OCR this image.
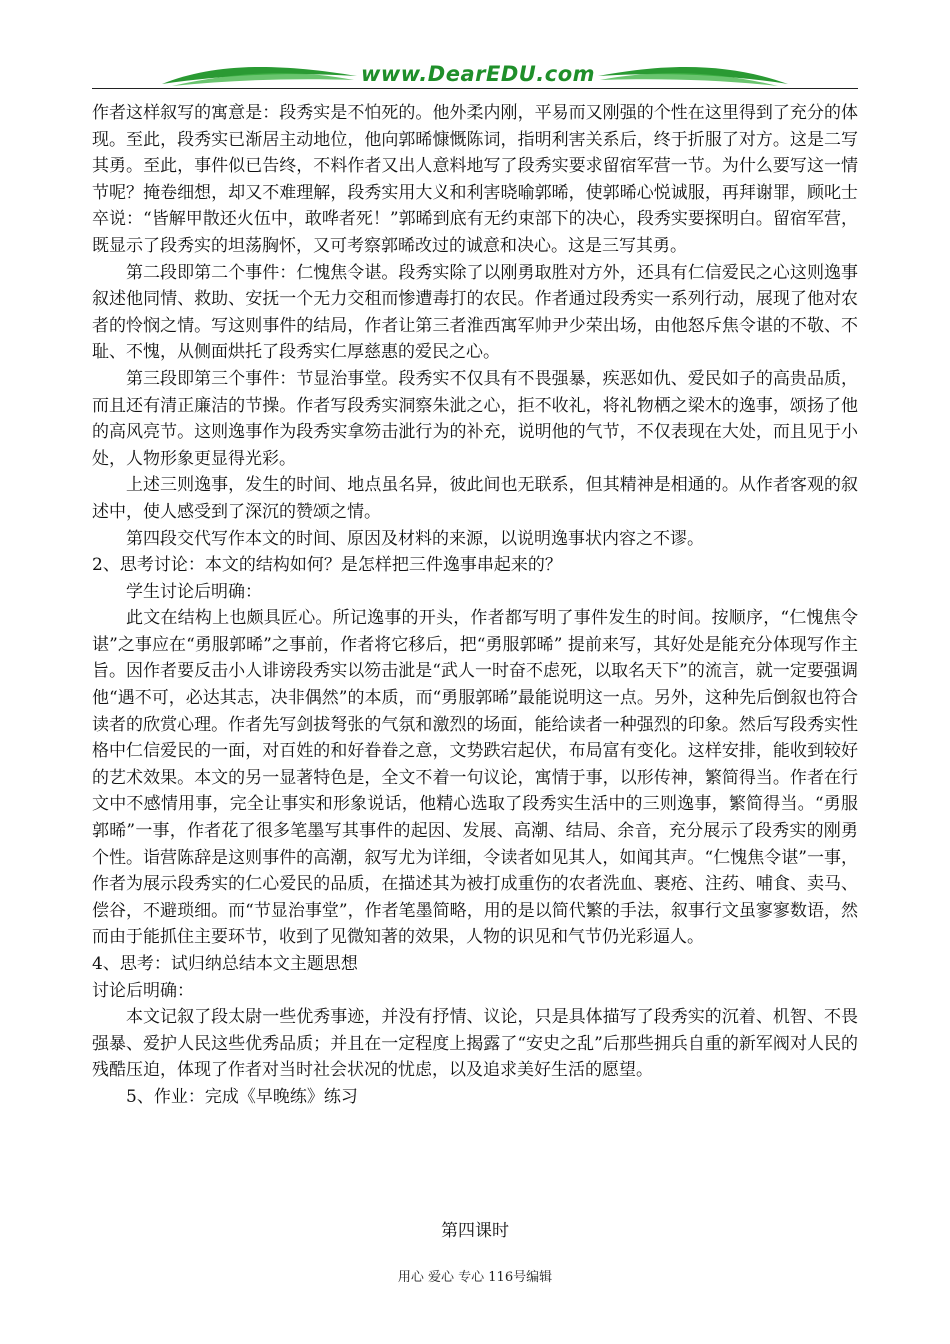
www.DearEDU.com

作者这样叙写的寓意是：段秀实是不怕死的。他外柔内刚，平易而又刚强的个性在这里得到了充分的体现。至此，段秀实已渐居主动地位，他向郭晞慷慨陈词，指明利害关系后，终于折服了对方。这是二写其勇。至此，事件似已告终，不料作者又出人意料地写了段秀实要求留宿军营一节。为什么要写这一情节呢？掩卷细想，却又不难理解，段秀实用大义和利害晓喻郭晞，使郭晞心悦诚服，再拜谢罪，顾叱士卒说：“皆解甲散还火伍中，敢哗者死！”郭晞到底有无约束部下的决心，段秀实要探明白。留宿军营，既显示了段秀实的坦荡胸怀，又可考察郭晞改过的诚意和决心。这是三写其勇。

第二段即第二个事件：仁愧焦令谌。段秀实除了以刚勇取胜对方外，还具有仁信爱民之心这则逸事叙述他同情、救助、安抚一个无力交租而惨遭毒打的农民。作者通过段秀实一系列行动，展现了他对农者的怜悯之情。写这则事件的结局，作者让第三者淮西寓军帅尹少荣出场，由他怒斥焦令谌的不敬、不耻、不愧，从侧面烘托了段秀实仁厚慈惠的爱民之心。

第三段即第三个事件：节显治事堂。段秀实不仅具有不畏强暴，疾恶如仇、爱民如子的高贵品质，而且还有清正廉洁的节操。作者写段秀实洞察朱泚之心，拒不收礼，将礼物栖之梁木的逸事，颂扬了他的高风亮节。这则逸事作为段秀实拿笏击泚行为的补充，说明他的气节，不仅表现在大处，而且见于小处，人物形象更显得光彩。

上述三则逸事，发生的时间、地点虽名异，彼此间也无联系，但其精神是相通的。从作者客观的叙述中，使人感受到了深沉的赞颂之情。

第四段交代写作本文的时间、原因及材料的来源，以说明逸事状内容之不谬。

2、思考讨论：本文的结构如何？是怎样把三件逸事串起来的？

学生讨论后明确：

此文在结构上也颇具匠心。所记逸事的开头，作者都写明了事件发生的时间。按顺序，“仁愧焦令谌”之事应在“勇服郭晞”之事前，作者将它移后，把“勇服郭晞” 提前来写，其好处是能充分体现写作主旨。因作者要反击小人诽谤段秀实以笏击泚是“武人一时奋不虑死，以取名天下”的流言，就一定要强调他“遇不可，必达其志，决非偶然”的本质，而“勇服郭晞”最能说明这一点。另外，这种先后倒叙也符合读者的欣赏心理。作者先写剑拔弩张的气氛和激烈的场面，能给读者一种强烈的印象。然后写段秀实性格中仁信爱民的一面，对百姓的和好眷眷之意，文势跌宕起伏，布局富有变化。这样安排，能收到较好的艺术效果。本文的另一显著特色是，全文不着一句议论，寓情于事，以形传神，繁简得当。作者在行文中不感情用事，完全让事实和形象说话，他精心选取了段秀实生活中的三则逸事，繁简得当。“勇服郭晞”一事，作者花了很多笔墨写其事件的起因、发展、高潮、结局、余音，充分展示了段秀实的刚勇个性。诣营陈辞是这则事件的高潮，叙写尤为详细，令读者如见其人，如闻其声。“仁愧焦令谌”一事，作者为展示段秀实的仁心爱民的品质，在描述其为被打成重伤的农者洗血、裹疮、注药、哺食、卖马、偿谷，不避琐细。而“节显治事堂”，作者笔墨简略，用的是以简代繁的手法，叙事行文虽寥寥数语，然而由于能抓住主要环节，收到了见微知著的效果，人物的识见和气节仍光彩逼人。

4、思考：试归纳总结本文主题思想

讨论后明确：

本文记叙了段太尉一些优秀事迹，并没有抒情、议论，只是具体描写了段秀实的沉着、机智、不畏强暴、爱护人民这些优秀品质；并且在一定程度上揭露了“安史之乱”后那些拥兵自重的新军阀对人民的残酷压迫，体现了作者对当时社会状况的忧虑，以及追求美好生活的愿望。

5、作业：完成《早晚练》练习

第四课时
用心 爱心 专心 116号编辑
